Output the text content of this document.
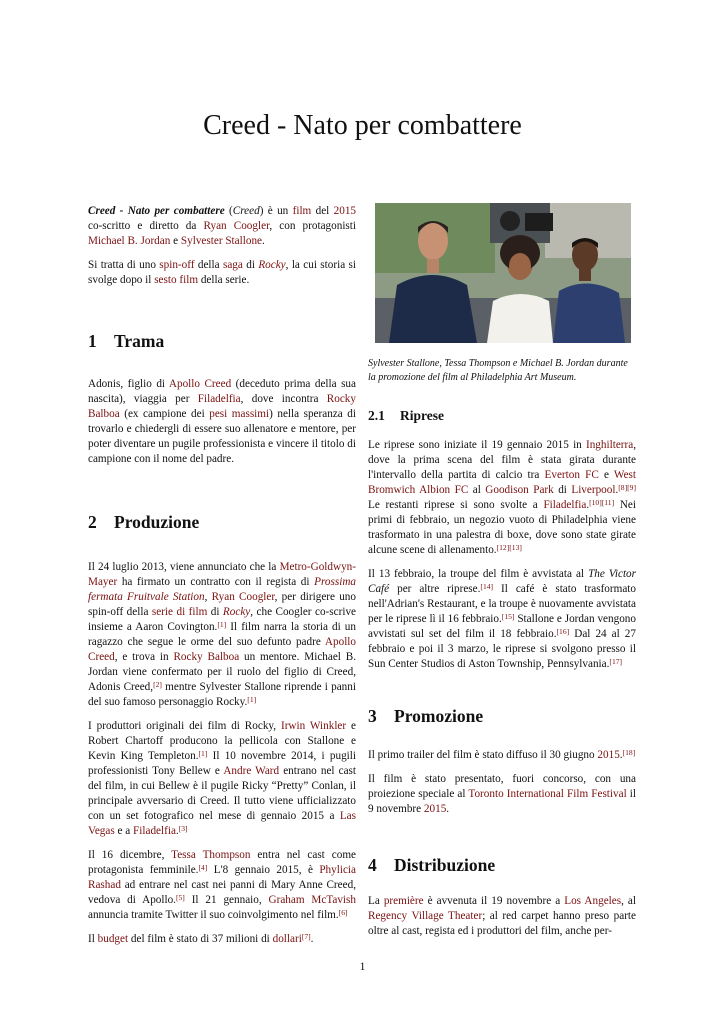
Creed - Nato per combattere

Creed - Nato per combattere (Creed) è un film del 2015 co-scritto e diretto da Ryan Coogler, con protagonisti Michael B. Jordan e Sylvester Stallone.

Si tratta di uno spin-off della saga di Rocky, la cui storia si svolge dopo il sesto film della serie.

1 Trama

Adonis, figlio di Apollo Creed (deceduto prima della sua nascita), viaggia per Filadelfia, dove incontra Rocky Balboa (ex campione dei pesi massimi) nella speranza di trovarlo e chiedergli di essere suo allenatore e mentore, per poter diventare un pugile professionista e vincere il titolo di campione con il nome del padre.

2 Produzione

Il 24 luglio 2013, viene annunciato che la Metro-Goldwyn-Mayer ha firmato un contratto con il regista di Prossima fermata Fruitvale Station, Ryan Coogler, per dirigere uno spin-off della serie di film di Rocky, che Coogler co-scrive insieme a Aaron Covington.[1] Il film narra la storia di un ragazzo che segue le orme del suo defunto padre Apollo Creed, e trova in Rocky Balboa un mentore. Michael B. Jordan viene confermato per il ruolo del figlio di Creed, Adonis Creed,[2] mentre Sylvester Stallone riprende i panni del suo famoso personaggio Rocky.[1]

I produttori originali dei film di Rocky, Irwin Winkler e Robert Chartoff producono la pellicola con Stallone e Kevin King Templeton.[1] Il 10 novembre 2014, i pugili professionisti Tony Bellew e Andre Ward entrano nel cast del film, in cui Bellew è il pugile Ricky “Pretty” Conlan, il principale avversario di Creed. Il tutto viene ufficializzato con un set fotografico nel mese di gennaio 2015 a Las Vegas e a Filadelfia.[3]

Il 16 dicembre, Tessa Thompson entra nel cast come protagonista femminile.[4] L'8 gennaio 2015, è Phylicia Rashad ad entrare nel cast nei panni di Mary Anne Creed, vedova di Apollo.[5] Il 21 gennaio, Graham McTavish annuncia tramite Twitter il suo coinvolgimento nel film.[6]

Il budget del film è stato di 37 milioni di dollari[7].

Sylvester Stallone, Tessa Thompson e Michael B. Jordan durante la promozione del film al Philadelphia Art Museum.

2.1 Riprese

Le riprese sono iniziate il 19 gennaio 2015 in Inghilterra, dove la prima scena del film è stata girata durante l'intervallo della partita di calcio tra Everton FC e West Bromwich Albion FC al Goodison Park di Liverpool.[8][9] Le restanti riprese si sono svolte a Filadelfia.[10][11] Nei primi di febbraio, un negozio vuoto di Philadelphia viene trasformato in una palestra di boxe, dove sono state girate alcune scene di allenamento.[12][13]

Il 13 febbraio, la troupe del film è avvistata al The Victor Café per altre riprese.[14] Il café è stato trasformato nell'Adrian's Restaurant, e la troupe è nuovamente avvistata per le riprese lì il 16 febbraio.[15] Stallone e Jordan vengono avvistati sul set del film il 18 febbraio.[16] Dal 24 al 27 febbraio e poi il 3 marzo, le riprese si svolgono presso il Sun Center Studios di Aston Township, Pennsylvania.[17]

3 Promozione

Il primo trailer del film è stato diffuso il 30 giugno 2015.[18]

Il film è stato presentato, fuori concorso, con una proiezione speciale al Toronto International Film Festival il 9 novembre 2015.

4 Distribuzione

La première è avvenuta il 19 novembre a Los Angeles, al Regency Village Theater; al red carpet hanno preso parte oltre al cast, regista ed i produttori del film, anche per-

1
